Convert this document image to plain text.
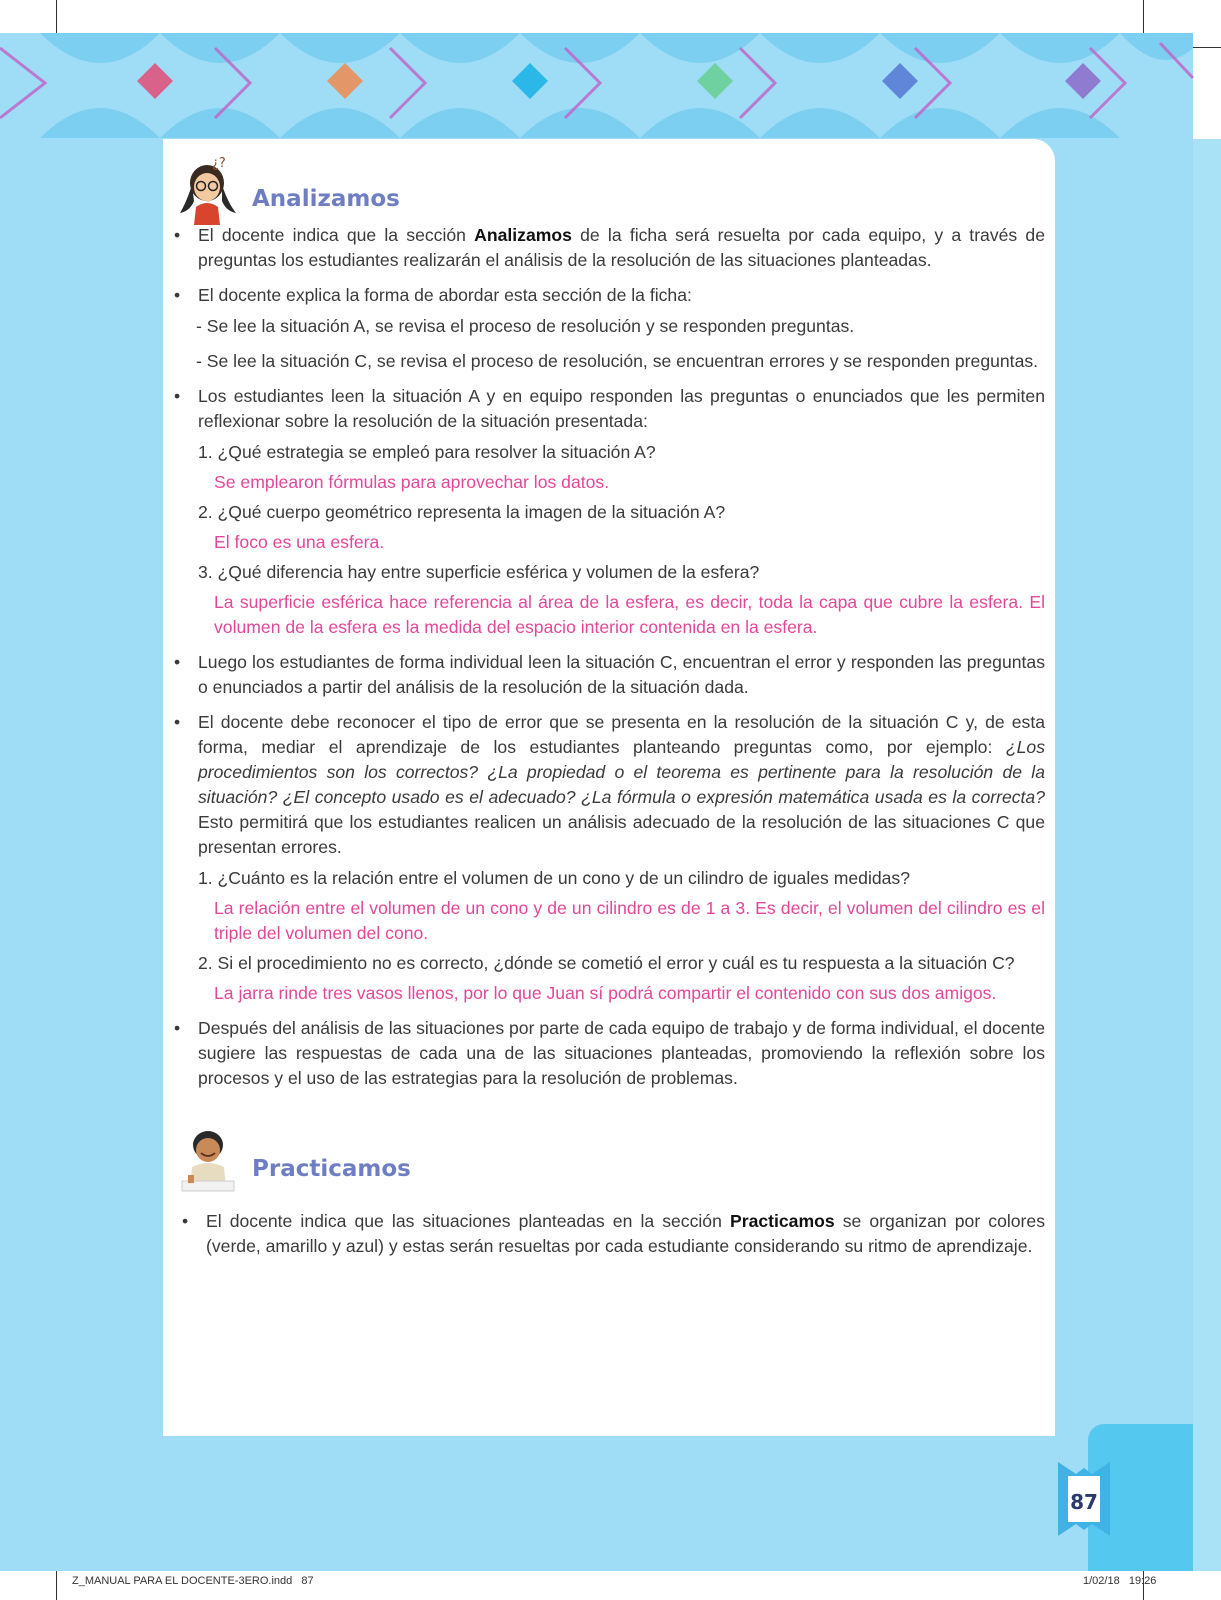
¿?
Analizamos
• El docente indica que la sección Analizamos de la ficha será resuelta por cada equipo, y a través de preguntas los estudiantes realizarán el análisis de la resolución de las situaciones planteadas.
• El docente explica la forma de abordar esta sección de la ficha:
- Se lee la situación A, se revisa el proceso de resolución y se responden preguntas.
- Se lee la situación C, se revisa el proceso de resolución, se encuentran errores y se responden preguntas.
• Los estudiantes leen la situación A y en equipo responden las preguntas o enunciados que les permiten reflexionar sobre la resolución de la situación presentada:
1. ¿Qué estrategia se empleó para resolver la situación A?
Se emplearon fórmulas para aprovechar los datos.
2. ¿Qué cuerpo geométrico representa la imagen de la situación A?
El foco es una esfera.
3. ¿Qué diferencia hay entre superficie esférica y volumen de la esfera?
La superficie esférica hace referencia al área de la esfera, es decir, toda la capa que cubre la esfera. El volumen de la esfera es la medida del espacio interior contenida en la esfera.
• Luego los estudiantes de forma individual leen la situación C, encuentran el error y responden las preguntas o enunciados a partir del análisis de la resolución de la situación dada.
• El docente debe reconocer el tipo de error que se presenta en la resolución de la situación C y, de esta forma, mediar el aprendizaje de los estudiantes planteando preguntas como, por ejemplo: ¿Los procedimientos son los correctos? ¿La propiedad o el teorema es pertinente para la resolución de la situación? ¿El concepto usado es el adecuado? ¿La fórmula o expresión matemática usada es la correcta? Esto permitirá que los estudiantes realicen un análisis adecuado de la resolución de las situaciones C que presentan errores.
1. ¿Cuánto es la relación entre el volumen de un cono y de un cilindro de iguales medidas?
La relación entre el volumen de un cono y de un cilindro es de 1 a 3. Es decir, el volumen del cilindro es el triple del volumen del cono.
2. Si el procedimiento no es correcto, ¿dónde se cometió el error y cuál es tu respuesta a la situación C?
La jarra rinde tres vasos llenos, por lo que Juan sí podrá compartir el contenido con sus dos amigos.
• Después del análisis de las situaciones por parte de cada equipo de trabajo y de forma individual, el docente sugiere las respuestas de cada una de las situaciones planteadas, promoviendo la reflexión sobre los procesos y el uso de las estrategias para la resolución de problemas.
Practicamos
• El docente indica que las situaciones planteadas en la sección Practicamos se organizan por colores (verde, amarillo y azul) y estas serán resueltas por cada estudiante considerando su ritmo de aprendizaje.
87
Z_MANUAL PARA EL DOCENTE-3ERO.indd   87	1/02/18   19:26
